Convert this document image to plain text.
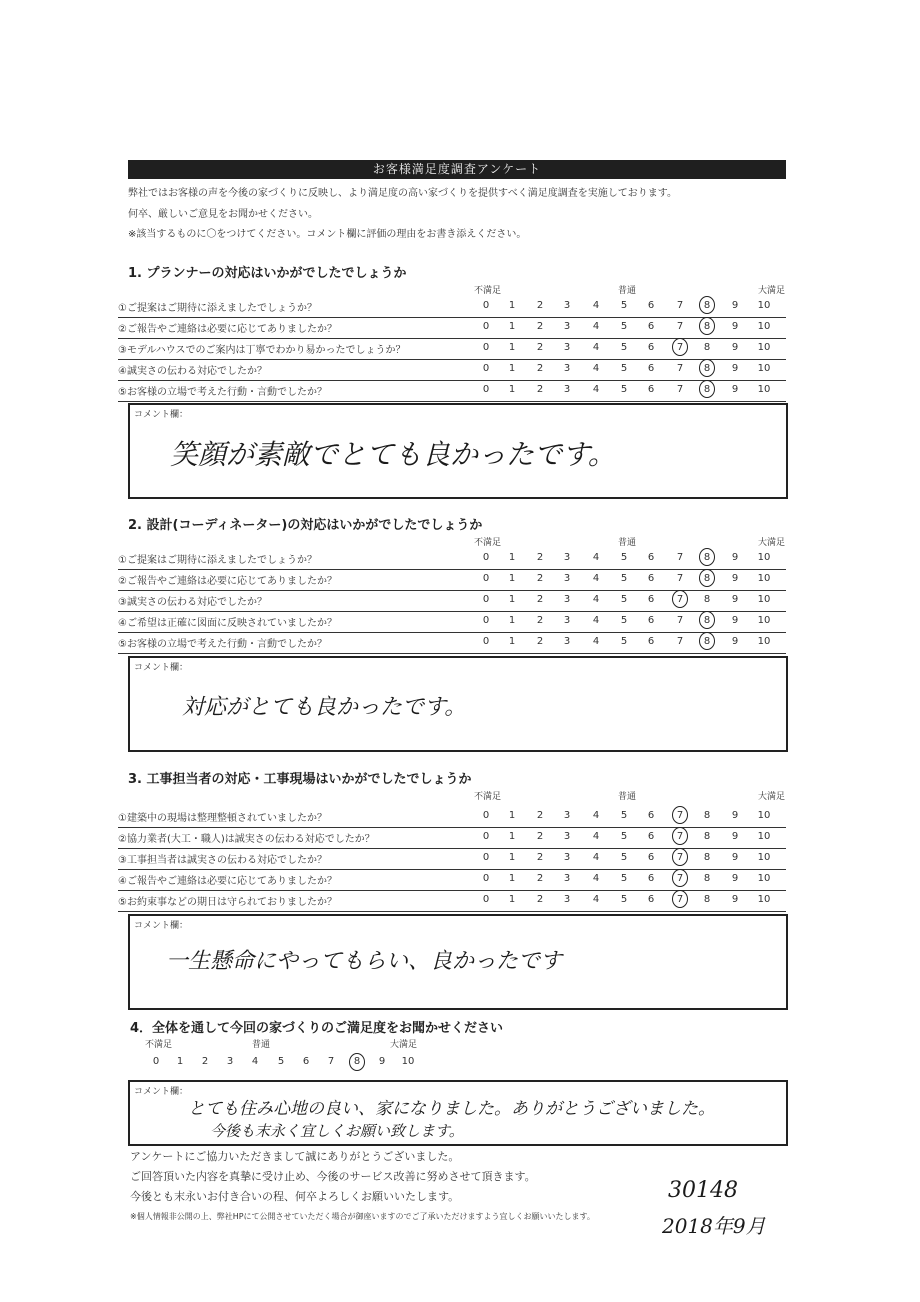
お客様満足度調査アンケート
弊社ではお客様の声を今後の家づくりに反映し、より満足度の高い家づくりを提供すべく満足度調査を実施しております。
何卒、厳しいご意見をお聞かせください。
※該当するものに〇をつけてください。コメント欄に評価の理由をお書き添えください。
1. プランナーの対応はいかがでしたでしょうか
不満足	普通	大満足
①ご提案はご期待に添えましたでしょうか？	0	1	2	3	4	5	6	7	8	9	10
②ご報告やご連絡は必要に応じてありましたか？	0	1	2	3	4	5	6	7	8	9	10
③モデルハウスでのご案内は丁寧でわかり易かったでしょうか？	0	1	2	3	4	5	6	7	8	9	10
④誠実さの伝わる対応でしたか？	0	1	2	3	4	5	6	7	8	9	10
⑤お客様の立場で考えた行動・言動でしたか？	0	1	2	3	4	5	6	7	8	9	10
コメント欄：
笑顔が素敵でとても良かったです。
2. 設計(コーディネーター)の対応はいかがでしたでしょうか
不満足	普通	大満足
①ご提案はご期待に添えましたでしょうか？	0	1	2	3	4	5	6	7	8	9	10
②ご報告やご連絡は必要に応じてありましたか？	0	1	2	3	4	5	6	7	8	9	10
③誠実さの伝わる対応でしたか？	0	1	2	3	4	5	6	7	8	9	10
④ご希望は正確に図面に反映されていましたか？	0	1	2	3	4	5	6	7	8	9	10
⑤お客様の立場で考えた行動・言動でしたか？	0	1	2	3	4	5	6	7	8	9	10
コメント欄：
対応がとても良かったです。
3. 工事担当者の対応・工事現場はいかがでしたでしょうか
不満足	普通	大満足
①建築中の現場は整理整頓されていましたか？	0	1	2	3	4	5	6	7	8	9	10
②協力業者(大工・職人)は誠実さの伝わる対応でしたか？	0	1	2	3	4	5	6	7	8	9	10
③工事担当者は誠実さの伝わる対応でしたか？	0	1	2	3	4	5	6	7	8	9	10
④ご報告やご連絡は必要に応じてありましたか？	0	1	2	3	4	5	6	7	8	9	10
⑤お約束事などの期日は守られておりましたか？	0	1	2	3	4	5	6	7	8	9	10
コメント欄：
一生懸命にやってもらい、良かったです
4．全体を通して今回の家づくりのご満足度をお聞かせください
不満足	普通	大満足
0	1	2	3	4	5	6	7	8	9	10
コメント欄：
とても住み心地の良い、家になりました。ありがとうございました。
今後も末永く宜しくお願い致します。
アンケートにご協力いただきまして誠にありがとうございました。
ご回答頂いた内容を真摯に受け止め、今後のサービス改善に努めさせて頂きます。
今後とも末永いお付き合いの程、何卒よろしくお願いいたします。
※個人情報非公開の上、弊社HPにて公開させていただく場合が御座いますのでご了承いただけますよう宜しくお願いいたします。
30148
2018年9月
